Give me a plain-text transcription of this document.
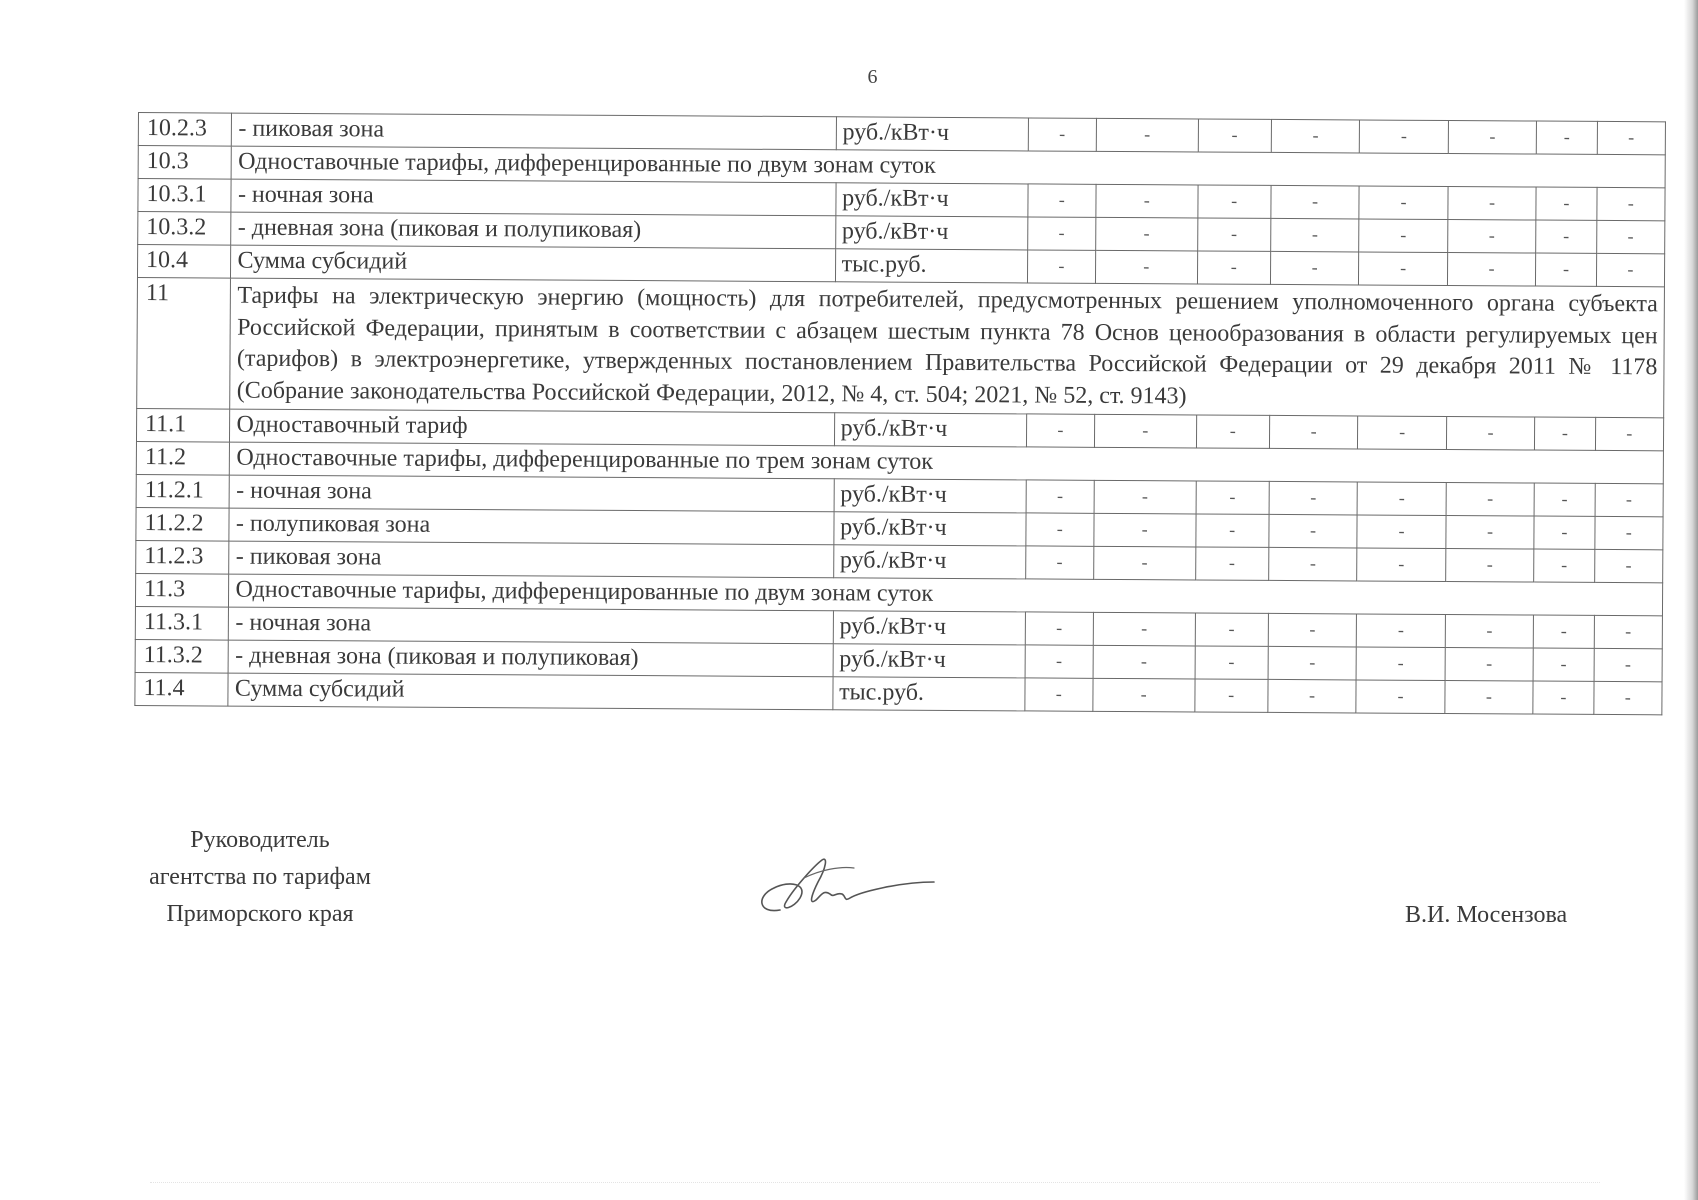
6
10.2.3	- пиковая зона	руб./кВт·ч	-	-	-	-	-	-	-	-
10.3	Одноставочные тарифы, дифференцированные по двум зонам суток									
10.3.1	- ночная зона	руб./кВт·ч	-	-	-	-	-	-	-	-
10.3.2	- дневная зона (пиковая и полупиковая)	руб./кВт·ч	-	-	-	-	-	-	-	-
10.4	Сумма субсидий	тыс.руб.	-	-	-	-	-	-	-	-
11	Тарифы на электрическую энергию (мощность) для потребителей, предусмотренных решением уполномоченного органа субъекта Российской Федерации, принятым в соответствии с абзацем шестым пункта 78 Основ ценообразования в области регулируемых цен (тарифов) в электроэнергетике, утвержденных постановлением Правительства Российской Федерации от 29 декабря 2011 № 1178 (Собрание законодательства Российской Федерации, 2012, № 4, ст. 504; 2021, № 52, ст. 9143)									
11.1	Одноставочный тариф	руб./кВт·ч	-	-	-	-	-	-	-	-
11.2	Одноставочные тарифы, дифференцированные по трем зонам суток									
11.2.1	- ночная зона	руб./кВт·ч	-	-	-	-	-	-	-	-
11.2.2	- полупиковая зона	руб./кВт·ч	-	-	-	-	-	-	-	-
11.2.3	- пиковая зона	руб./кВт·ч	-	-	-	-	-	-	-	-
11.3	Одноставочные тарифы, дифференцированные по двум зонам суток									
11.3.1	- ночная зона	руб./кВт·ч	-	-	-	-	-	-	-	-
11.3.2	- дневная зона (пиковая и полупиковая)	руб./кВт·ч	-	-	-	-	-	-	-	-
11.4	Сумма субсидий	тыс.руб.	-	-	-	-	-	-	-	-
Руководитель
агентства по тарифам
Приморского края	В.И. Мосензова
